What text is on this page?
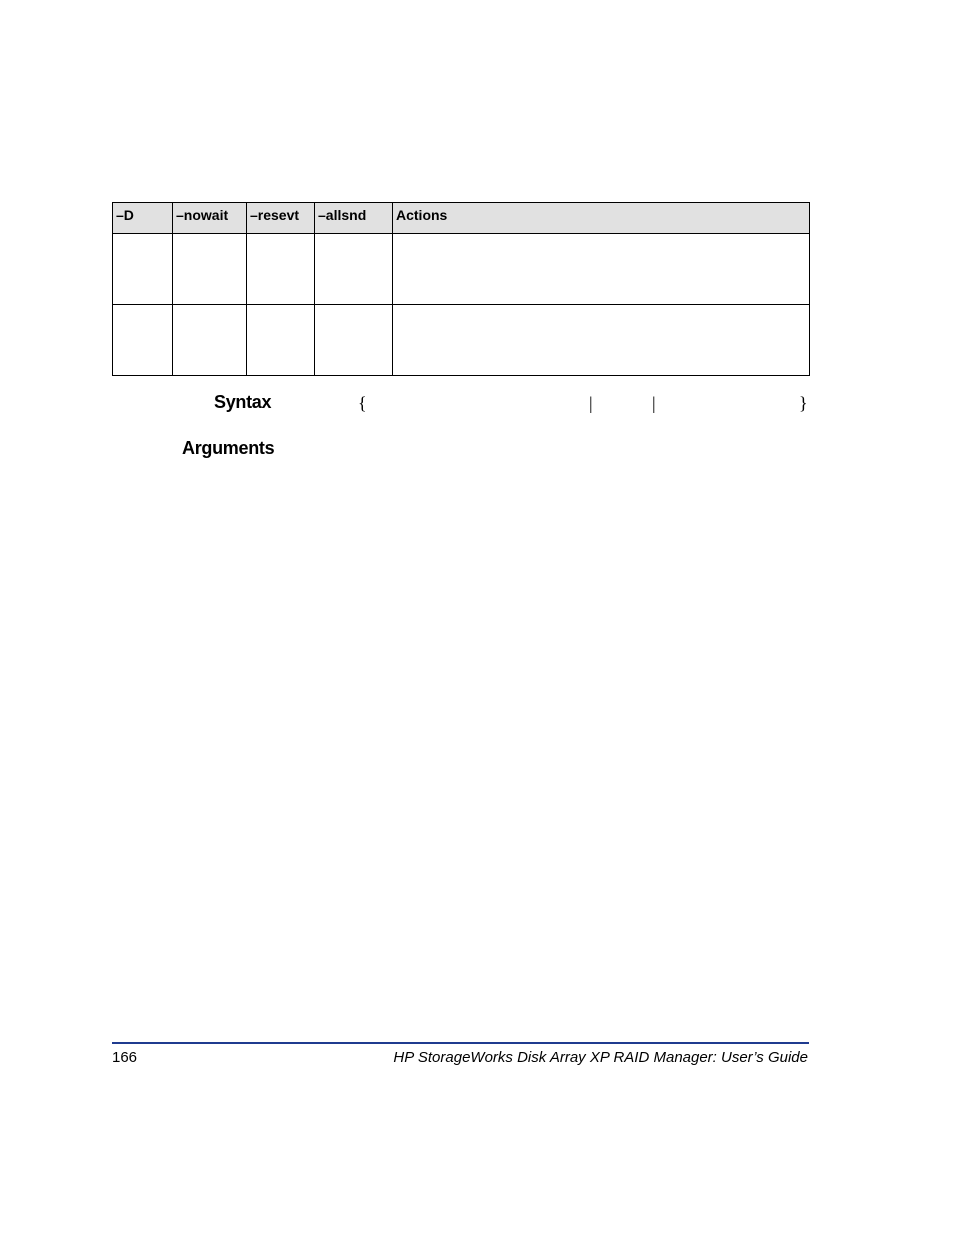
–D	–nowait	–resevt	–allsnd	Actions

Syntax	{	|	|	}
Arguments
166	HP StorageWorks Disk Array XP RAID Manager: User’s Guide
